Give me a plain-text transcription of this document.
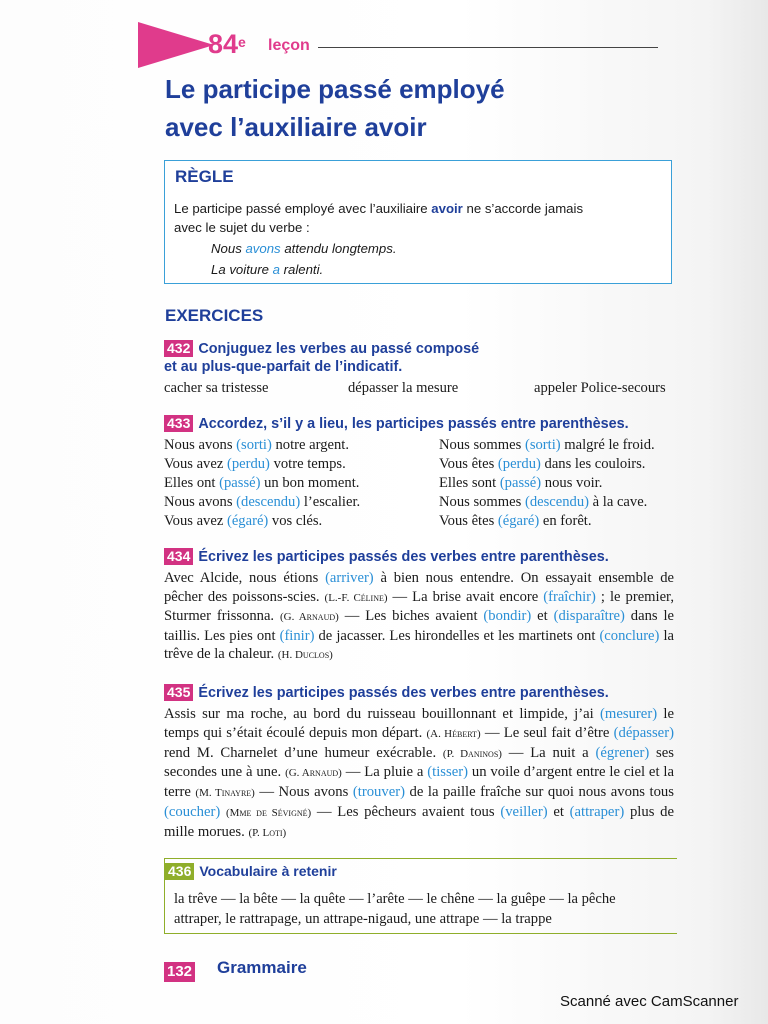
84e leçon
Le participe passé employé
avec l’auxiliaire avoir
RÈGLE
Le participe passé employé avec l’auxiliaire avoir ne s’accorde jamais
avec le sujet du verbe :
Nous avons attendu longtemps.
La voiture a ralenti.
EXERCICES
432 Conjuguez les verbes au passé composé
et au plus-que-parfait de l’indicatif.
cacher sa tristesse	dépasser la mesure	appeler Police-secours
433 Accordez, s’il y a lieu, les participes passés entre parenthèses.
Nous avons (sorti) notre argent.
Vous avez (perdu) votre temps.
Elles ont (passé) un bon moment.
Nous avons (descendu) l’escalier.
Vous avez (égaré) vos clés.
Nous sommes (sorti) malgré le froid.
Vous êtes (perdu) dans les couloirs.
Elles sont (passé) nous voir.
Nous sommes (descendu) à la cave.
Vous êtes (égaré) en forêt.
434 Écrivez les participes passés des verbes entre parenthèses.
Avec Alcide, nous étions (arriver) à bien nous entendre. On essayait ensemble de pêcher des poissons-scies. (L.-F. Céline) — La brise avait encore (fraîchir) ; le premier, Sturmer frissonna. (G. Arnaud) — Les biches avaient (bondir) et (disparaître) dans le taillis. Les pies ont (finir) de jacasser. Les hirondelles et les martinets ont (conclure) la trêve de la chaleur. (H. Duclos)
435 Écrivez les participes passés des verbes entre parenthèses.
Assis sur ma roche, au bord du ruisseau bouillonnant et limpide, j’ai (mesurer) le temps qui s’était écoulé depuis mon départ. (A. Hébert) — Le seul fait d’être (dépasser) rend M. Charnelet d’une humeur exécrable. (P. Daninos) — La nuit a (égrener) ses secondes une à une. (G. Arnaud) — La pluie a (tisser) un voile d’argent entre le ciel et la terre (M. Tinayre) — Nous avons (trouver) de la paille fraîche sur quoi nous avons tous (coucher) (Mme de Sévigné) — Les pêcheurs avaient tous (veiller) et (attraper) plus de mille morues. (P. Loti)
436 Vocabulaire à retenir
la trêve — la bête — la quête — l’arête — le chêne — la guêpe — la pêche
attraper, le rattrapage, un attrape-nigaud, une attrape — la trappe
132 Grammaire
Scanné avec CamScanner
